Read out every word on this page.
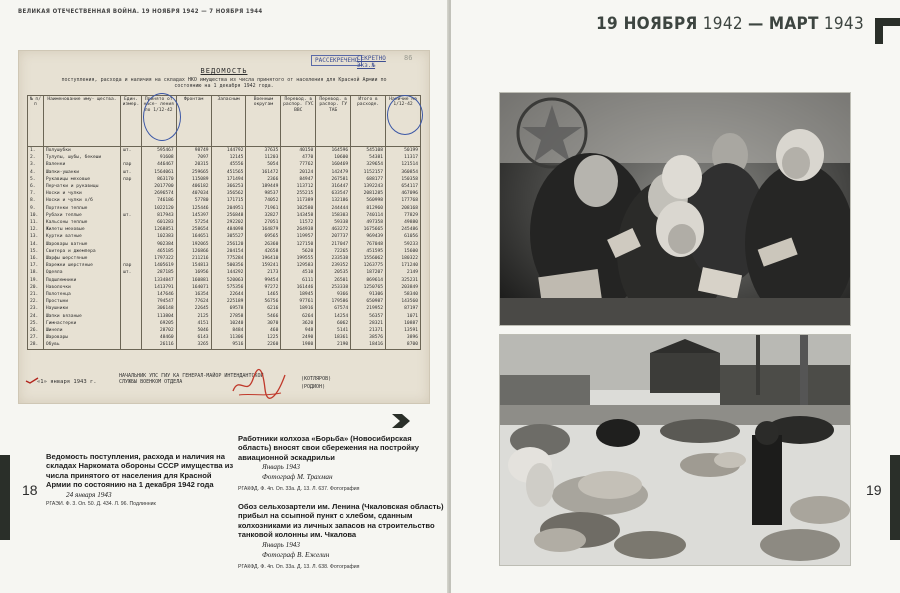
ВЕЛИКАЯ ОТЕЧЕСТВЕННАЯ ВОЙНА. 19 НОЯБРЯ 1942 — 7 НОЯБРЯ 1944
РАССЕКРЕЧЕНО
СЕКРЕТНО
Экз.№
86
ВЕДОМОСТЬ
поступления, расхода и наличия на складах НКО имущества из числа принятого от населения для Красной Армии по состоянию на 1 декабря 1942 года.
№ п/п	Наименование иму- щества.	Един. измер.	Принято от насе- ления по 1/12-42	Фронтам	Запасным	Военным округам	Перевод. в распор. ГУС ВВС	Перевод. в распор. ГУ ТАБ	Итого в расходе.	Наличие на 1/12-42
1.	Полушубки	шт.	595467	98749	144792	37635	40150	164596	545108	50199
2.	Тулупы, шубы, бекеши		91608	7097	12145	11203	4770	10600	54381	11317
3.	Валенки	пар	446467	20315	45556	5054	77762	160469	329654	121514
4.	Шапки-ушанки	шт.	1564061	259665	451565	161472	20124	142479	1152157	360854
5.	Рукавицы меховые	пар	863170	115089	171494	2366	84947	267581	688177	150358
6.	Перчатки и рукавицы		2017700	406182	366253	189449	113712	316447	1392243	654117
7.	Носки и чулки		2696574	407034	356562	98537	255215	633547	2081285	467096
8.	Носки и чулки х/б		746186	57780	171715	74052	117389	132186	560998	177768
9.	Портянки теплые		1022120	125446	204951	71961	102580	244444	812960	208168
10.	Рубахи теплые	шт.	817943	145397	256848	32827	143458	158303	740114	77829
11.	Кальсоны теплые		601283	57254	292202	27051	11572	59338	497358	49880
12.	Жилеты меховые		1268851	258654	484098	164879	264938	463272	1675665	245486
13.	Куртки ватные		102383	164651	305527	69565	119957	207737	969439	61056
14.	Шаровары ватные		902384	192065	256120	26360	127150	217047	767048	59233
15.	Свитера и джемпера		465185	126866	204154	42658	5620	72265	451595	15600
16.	Шарфы шерстяные		1797322	211216	775284	196410	199555	233538	1556062	180322
17.	Варежки шерстяные	пар	1405619	154813	500356	159241	129583	239352	1263775	171240
18.	Одеяла	шт.	287185	16956	144292	2173	4510	20535	187207	2149
19.	Подшлемники		1334847	160881	520063	99454	6111	26501	869614	325231
20.	Наволочки		1413791	164071	575356	97272	161446	253338	1250765	203849
21.	Полотенца		147646	16354	22644	1465	18945	9366	91306	58340
22.	Простыни		794547	77624	225189	56756	97761	179586	650987	143560
23.	Наушники		306148	22645	69578	6216	18916	67574	219952	87197
24.	Шапки вязаные		113804	2125	27858	5466	6264	14254	56357	1071
25.	Гимнастерки		69205	4151	10240	3070	3620	6062	28321	10887
26.	Шинели		28702	5046	8484	460	948	5141	21371	13591
27.	Шаровары		48460	6143	11306	1225	2490	18361	38576	3896
28.	Обувь		26116	3265	9516	2260	1980	2190	18416	8700
«1» января 1943 г.
НАЧАЛЬНИК УПС ГИУ КА ГЕНЕРАЛ-МАЙОР ИНТЕНДАНТСКОЙ СЛУЖБЫ ВОЕНКОМ ОТДЕЛА	(КОТЛЯРОВ)
(РОДИОН)
18
Ведомость поступления, расхода и наличия на складах Наркомата обороны СССР имущества из числа принятого от населения для Красной Армии по состоянию на 1 декабря 1942 года
24 января 1943
РГАЭИ. Ф. 3. Оп. 50. Д. 434. Л. 96. Подлинник
Работники колхоза «Борьба» (Новосибирская область) вносят свои сбережения на постройку авиационной эскадрильи
Январь 1943
Фотограф М. Трахман
РГАКФД. Ф. 4п. Оп. 33а. Д. 13. Л. 637. Фотография
Обоз сельхозартели им. Ленина (Чкаловская область) прибыл на ссыпной пункт с хлебом, сданным колхозниками из личных запасов на строительство танковой колонны им. Чкалова
Январь 1943
Фотограф В. Ежелин
РГАКФД. Ф. 4п. Оп. 33а. Д. 13. Л. 638. Фотография
19 НОЯБРЯ 1942 — МАРТ 1943
19
